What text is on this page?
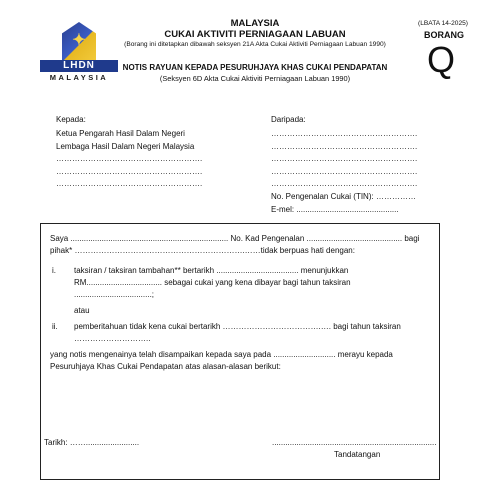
✦
LHDN
MALAYSIA
MALAYSIA
CUKAI AKTIVITI PERNIAGAAN LABUAN
(Borang ini ditetapkan dibawah seksyen 21A Akta Cukai Aktiviti Perniagaan Labuan 1990)
NOTIS RAYUAN KEPADA PESURUHJAYA KHAS CUKAI PENDAPATAN
(Seksyen 6D Akta Cukai Aktiviti Perniagaan Labuan 1990)
(LBATA 14-2025)
BORANG
Q
Kepada:
Ketua Pengarah Hasil Dalam Negeri
Lembaga Hasil Dalam Negeri Malaysia
……………………………………………….
……………………………………………….
……………………………………………….
Daripada:
……………………………………………….
……………………………………………….
……………………………………………….
……………………………………………….
……………………………………………….
No. Pengenalan Cukai (TIN): ……………
E-mel: ..............................................
Saya ....................................................................... No. Kad Pengenalan ........................................... bagi
pihak* ……………………………………………………….……tidak berpuas hati dengan:
i. taksiran / taksiran tambahan** bertarikh ..................................... menunjukkan
RM.................................. sebagai cukai yang kena dibayar bagi tahun taksiran
...................................;
atau
ii. pemberitahuan tidak kena cukai bertarikh ……………………………….…. bagi tahun taksiran
………………………..
yang notis mengenainya telah disampaikan kepada saya pada ............................ merayu kepada
Pesuruhjaya Khas Cukai Pendapatan atas alasan-alasan berikut:
Tarikh: ……........................	..........................................................................
Tandatangan
